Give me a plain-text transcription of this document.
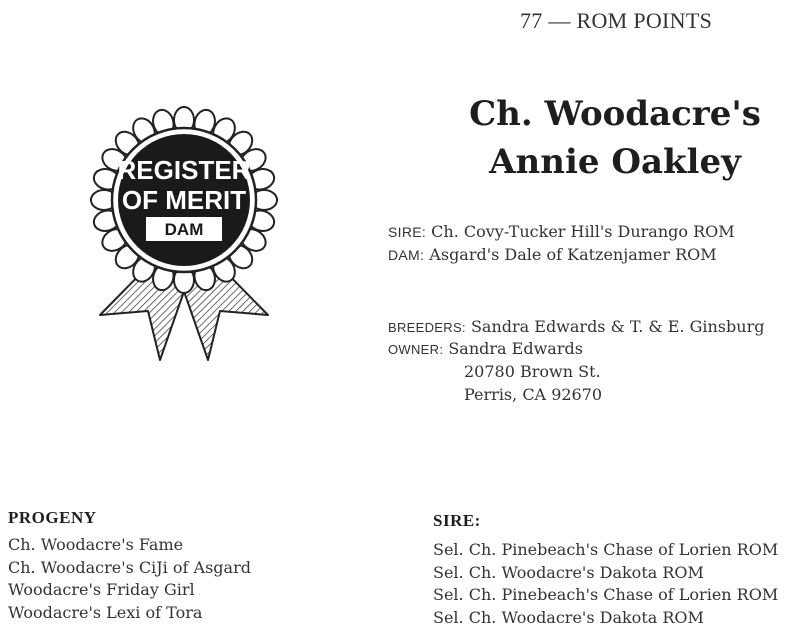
77 — ROM POINTS
Ch. Woodacre's
Annie Oakley
REGISTER
OF MERIT
DAM	SIRE: Ch. Covy-Tucker Hill's Durango ROM
DAM: Asgard's Dale of Katzenjamer ROM
BREEDERS: Sandra Edwards & T. & E. Ginsburg
OWNER: Sandra Edwards
20780 Brown St.
Perris, CA 92670
PROGENY
Ch. Woodacre's Fame
Ch. Woodacre's CiJi of Asgard
Woodacre's Friday Girl
Woodacre's Lexi of Tora
SIRE:
Sel. Ch. Pinebeach's Chase of Lorien ROM
Sel. Ch. Woodacre's Dakota ROM
Sel. Ch. Pinebeach's Chase of Lorien ROM
Sel. Ch. Woodacre's Dakota ROM
